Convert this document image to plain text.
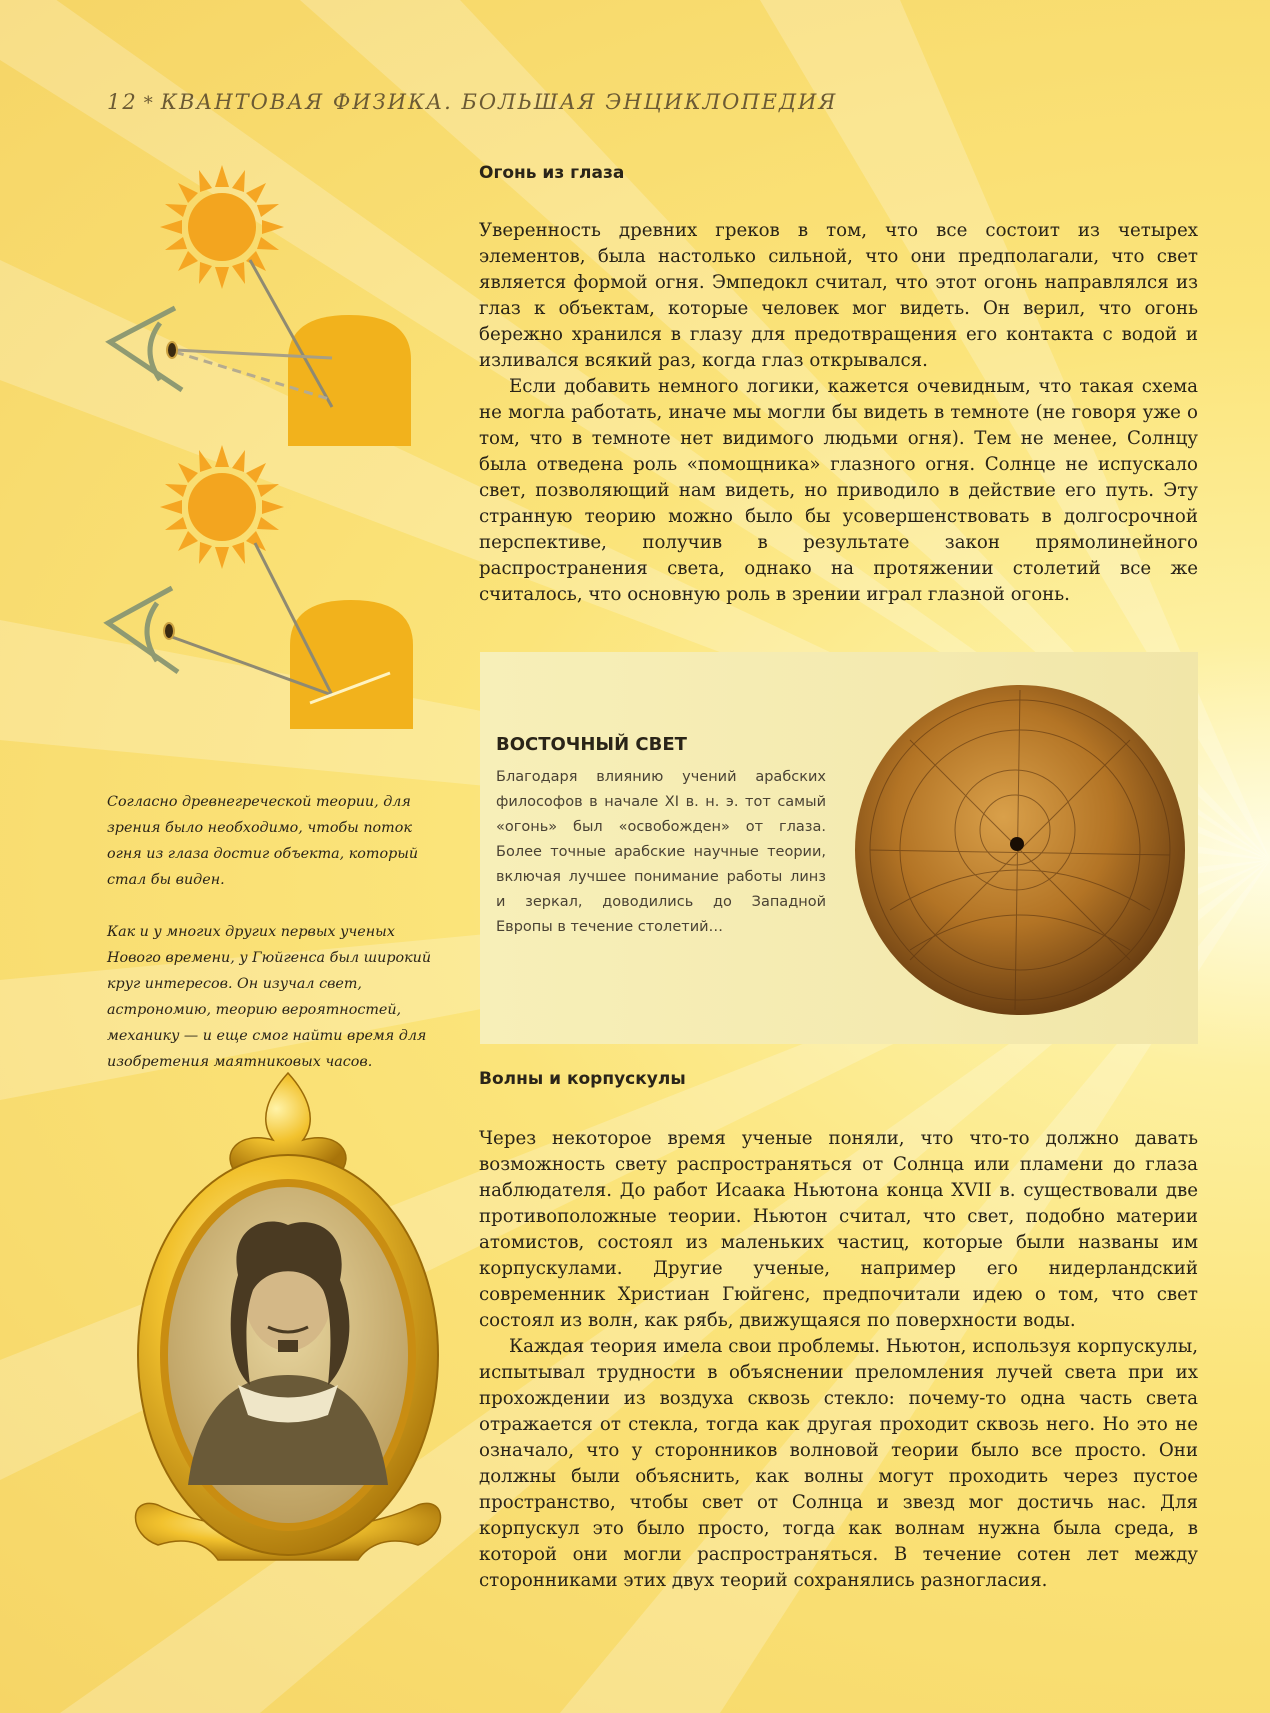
12 * КВАНТОВАЯ ФИЗИКА. БОЛЬШАЯ ЭНЦИКЛОПЕДИЯ
Огонь из глаза

Уверенность древних греков в том, что все состоит из четырех элементов, была настолько сильной, что они предполагали, что свет является формой огня. Эмпедокл считал, что этот огонь направлялся из глаз к объектам, которые человек мог видеть. Он верил, что огонь бережно хранился в глазу для предотвращения его контакта с водой и изливался всякий раз, когда глаз открывался.

Если добавить немного логики, кажется очевидным, что такая схема не могла работать, иначе мы могли бы видеть в темноте (не говоря уже о том, что в темноте нет видимого людьми огня). Тем не менее, Солнцу была отведена роль «помощника» глазного огня. Солнце не испускало свет, позволяющий нам видеть, но приводило в действие его путь. Эту странную теорию можно было бы усовершенствовать в долгосрочной перспективе, получив в результате закон прямолинейного распространения света, однако на протяжении столетий все же считалось, что основную роль в зрении играл глазной огонь.

ВОСТОЧНЫЙ СВЕТ
Благодаря влиянию учений арабских философов в начале XI в. н. э. тот самый «огонь» был «освобожден» от глаза. Более точные арабские научные теории, включая лучшее понимание работы линз и зеркал, доводились до Западной Европы в течение столетий…

Согласно древнегреческой теории, для зрения было необходимо, чтобы поток огня из глаза достиг объекта, который стал бы виден.

Как и у многих других первых ученых Нового времени, у Гюйгенса был широкий круг интересов. Он изучал свет, астрономию, теорию вероятностей, механику — и еще смог найти время для изобретения маятниковых часов.

Волны и корпускулы

Через некоторое время ученые поняли, что что-то должно давать возможность свету распространяться от Солнца или пламени до глаза наблюдателя. До работ Исаака Ньютона конца XVII в. существовали две противоположные теории. Ньютон считал, что свет, подобно материи атомистов, состоял из маленьких частиц, которые были названы им корпускулами. Другие ученые, например его нидерландский современник Христиан Гюйгенс, предпочитали идею о том, что свет состоял из волн, как рябь, движущаяся по поверхности воды.

Каждая теория имела свои проблемы. Ньютон, используя корпускулы, испытывал трудности в объяснении преломления лучей света при их прохождении из воздуха сквозь стекло: почему-то одна часть света отражается от стекла, тогда как другая проходит сквозь него. Но это не означало, что у сторонников волновой теории было все просто. Они должны были объяснить, как волны могут проходить через пустое пространство, чтобы свет от Солнца и звезд мог достичь нас. Для корпускул это было просто, тогда как волнам нужна была среда, в которой они могли распространяться. В течение сотен лет между сторонниками этих двух теорий сохранялись разногласия.
